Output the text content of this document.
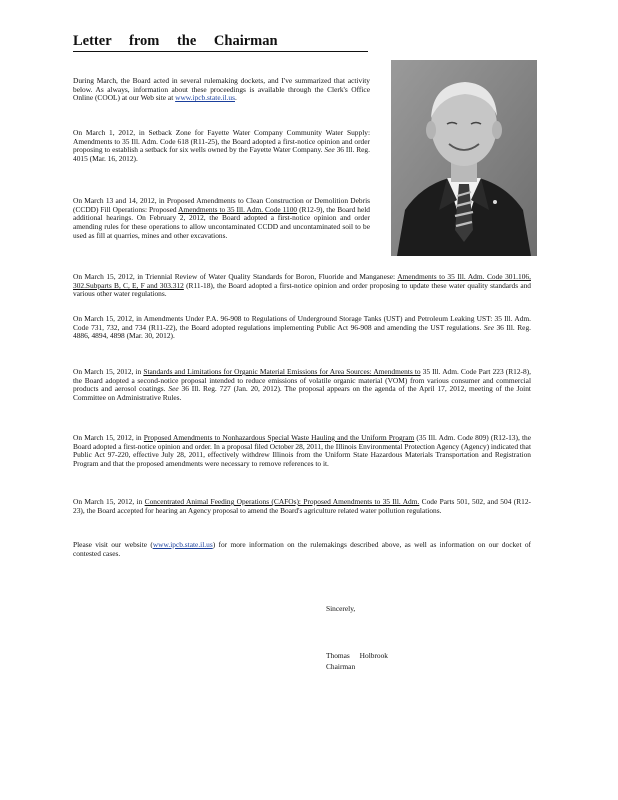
Letter from the Chairman

During March, the Board acted in several rulemaking dockets, and I've summarized that activity below. As always, information about these proceedings is available through the Clerk's Office Online (COOL) at our Web site at www.ipcb.state.il.us.

On March 1, 2012, in Setback Zone for Fayette Water Company Community Water Supply: Amendments to 35 Ill. Adm. Code 618 (R11-25), the Board adopted a first-notice opinion and order proposing to establish a setback for six wells owned by the Fayette Water Company. See 36 Ill. Reg. 4015 (Mar. 16, 2012).

On March 13 and 14, 2012, in Proposed Amendments to Clean Construction or Demolition Debris (CCDD) Fill Operations: Proposed Amendments to 35 Ill. Adm. Code 1100 (R12-9), the Board held additional hearings. On February 2, 2012, the Board adopted a first-notice opinion and order amending rules for these operations to allow uncontaminated CCDD and uncontaminated soil to be used as fill at quarries, mines and other excavations.

On March 15, 2012, in Triennial Review of Water Quality Standards for Boron, Fluoride and Manganese: Amendments to 35 Ill. Adm. Code 301.106, 302.Subparts B, C, E, F and 303.312 (R11-18), the Board adopted a first-notice opinion and order proposing to update these water quality standards and various other water regulations.

On March 15, 2012, in Amendments Under P.A. 96-908 to Regulations of Underground Storage Tanks (UST) and Petroleum Leaking UST: 35 Ill. Adm. Code 731, 732, and 734 (R11-22), the Board adopted regulations implementing Public Act 96-908 and amending the UST regulations. See 36 Ill. Reg. 4886, 4894, 4898 (Mar. 30, 2012).

On March 15, 2012, in Standards and Limitations for Organic Material Emissions for Area Sources: Amendments to 35 Ill. Adm. Code Part 223 (R12-8), the Board adopted a second-notice proposal intended to reduce emissions of volatile organic material (VOM) from various consumer and commercial products and aerosol coatings. See 36 Ill. Reg. 727 (Jan. 20, 2012). The proposal appears on the agenda of the April 17, 2012, meeting of the Joint Committee on Administrative Rules.

On March 15, 2012, in Proposed Amendments to Nonhazardous Special Waste Hauling and the Uniform Program (35 Ill. Adm. Code 809) (R12-13), the Board adopted a first-notice opinion and order. In a proposal filed October 28, 2011, the Illinois Environmental Protection Agency (Agency) indicated that Public Act 97-220, effective July 28, 2011, effectively withdrew Illinois from the Uniform State Hazardous Materials Transportation and Registration Program and that the proposed amendments were necessary to remove references to it.

On March 15, 2012, in Concentrated Animal Feeding Operations (CAFOs): Proposed Amendments to 35 Ill. Adm. Code Parts 501, 502, and 504 (R12-23), the Board accepted for hearing an Agency proposal to amend the Board's agriculture related water pollution regulations.

Please visit our website (www.ipcb.state.il.us) for more information on the rulemakings described above, as well as information on our docket of contested cases.

Sincerely,

Thomas Holbrook

Chairman
